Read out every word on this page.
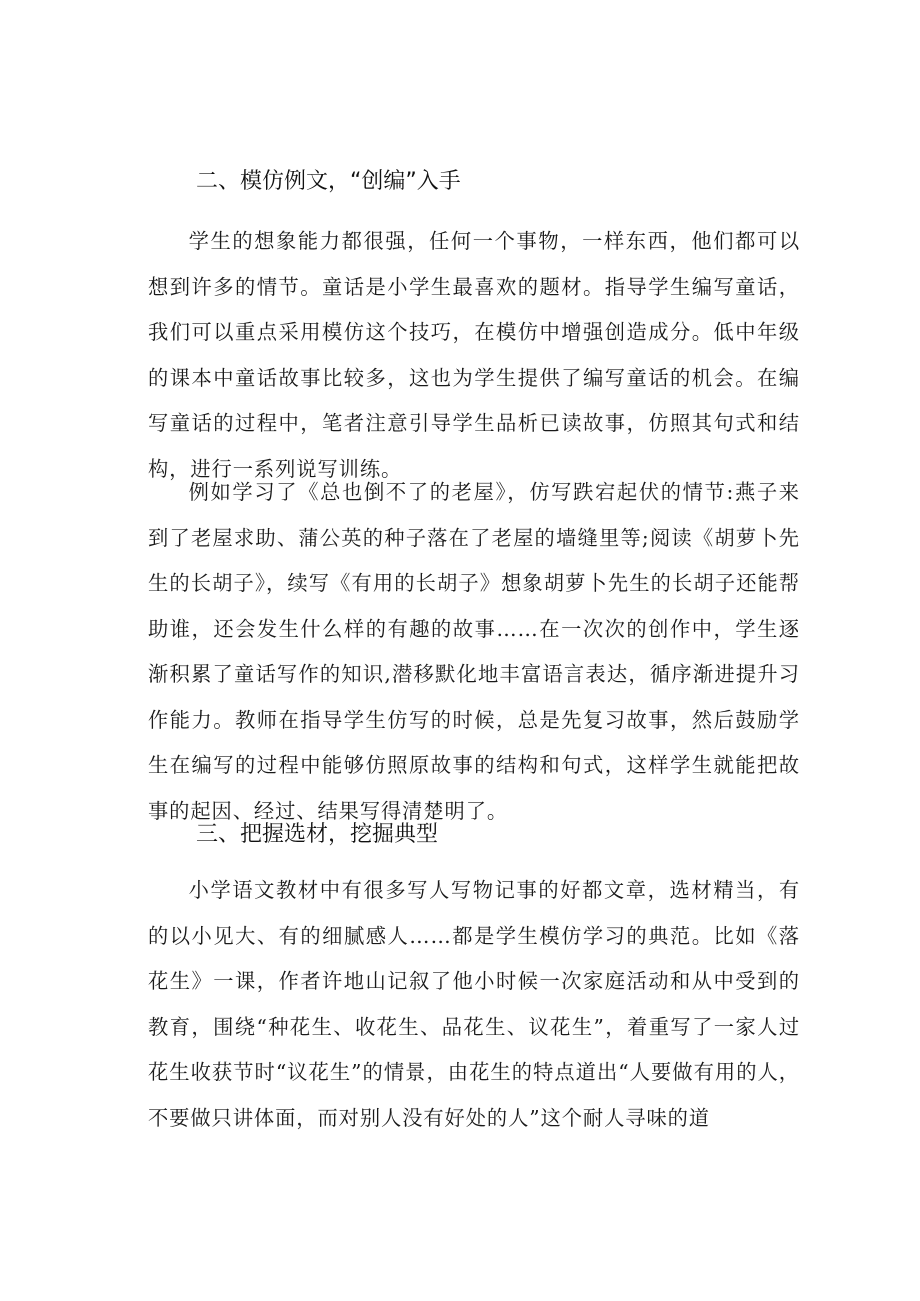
二、模仿例文，“创编”入手

学生的想象能力都很强，任何一个事物，一样东西，他们都可以想到许多的情节。童话是小学生最喜欢的题材。指导学生编写童话，我们可以重点采用模仿这个技巧，在模仿中增强创造成分。低中年级的课本中童话故事比较多，这也为学生提供了编写童话的机会。在编写童话的过程中，笔者注意引导学生品析已读故事，仿照其句式和结构，进行一系列说写训练。

例如学习了《总也倒不了的老屋》，仿写跌宕起伏的情节:燕子来到了老屋求助、蒲公英的种子落在了老屋的墙缝里等;阅读《胡萝卜先生的长胡子》，续写《有用的长胡子》想象胡萝卜先生的长胡子还能帮助谁，还会发生什么样的有趣的故事……在一次次的创作中，学生逐渐积累了童话写作的知识,潜移默化地丰富语言表达，循序渐进提升习作能力。教师在指导学生仿写的时候，总是先复习故事，然后鼓励学生在编写的过程中能够仿照原故事的结构和句式，这样学生就能把故事的起因、经过、结果写得清楚明了。

三、把握选材，挖掘典型

小学语文教材中有很多写人写物记事的好都文章，选材精当，有的以小见大、有的细腻感人……都是学生模仿学习的典范。比如《落花生》一课，作者许地山记叙了他小时候一次家庭活动和从中受到的教育，围绕“种花生、收花生、品花生、议花生”，着重写了一家人过花生收获节时“议花生”的情景，由花生的特点道出“人要做有用的人，不要做只讲体面，而对别人没有好处的人”这个耐人寻味的道
